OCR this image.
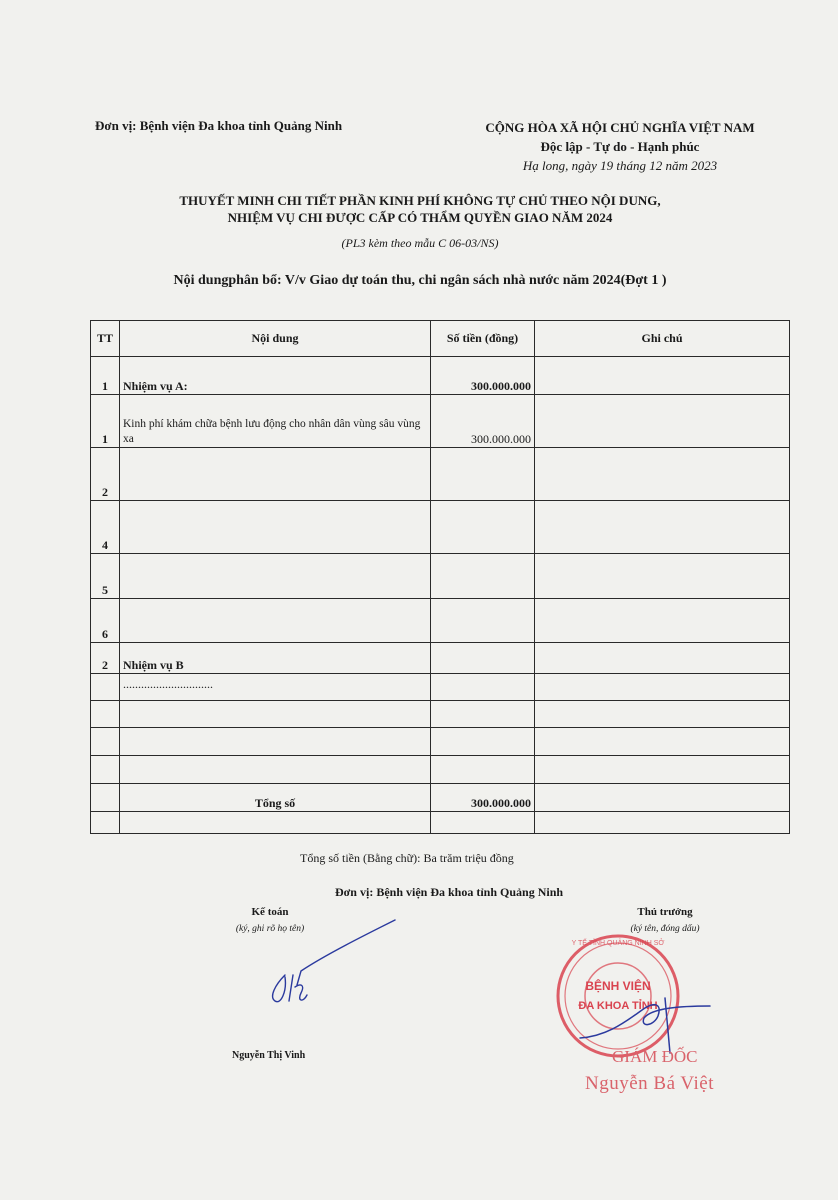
Đơn vị: Bệnh viện Đa khoa tỉnh Quảng Ninh	CỘNG HÒA XÃ HỘI CHỦ NGHĨA VIỆT NAM
Độc lập - Tự do - Hạnh phúc
Hạ long, ngày 19 tháng 12 năm 2023
THUYẾT MINH CHI TIẾT PHẦN KINH PHÍ KHÔNG TỰ CHỦ THEO NỘI DUNG,
NHIỆM VỤ CHI ĐƯỢC CẤP CÓ THẨM QUYỀN GIAO NĂM 2024
(PL3 kèm theo mẫu C 06-03/NS)
Nội dungphân bổ: V/v Giao dự toán thu, chi ngân sách nhà nước năm 2024(Đợt 1 )
TT	Nội dung	Số tiền (đồng)	Ghi chú
1	Nhiệm vụ A:	300.000.000	
1	Kinh phí khám chữa bệnh lưu động cho nhân dân vùng sâu vùng xa	300.000.000	
2			
4			
5			
6			
2	Nhiệm vụ B		
	..............................		

	Tổng số	300.000.000	

Tổng số tiền (Bằng chữ): Ba trăm triệu đồng
Đơn vị: Bệnh viện Đa khoa tỉnh Quảng Ninh
Kế toán
(ký, ghi rõ họ tên)
Thủ trưởng
(ký tên, đóng dấu)
Nguyễn Thị Vinh
BỆNH VIỆN
ĐA KHOA TỈNH
Y TẾ TỈNH QUẢNG NINH SỞ
GIÁM ĐỐC
Nguyễn Bá Việt
